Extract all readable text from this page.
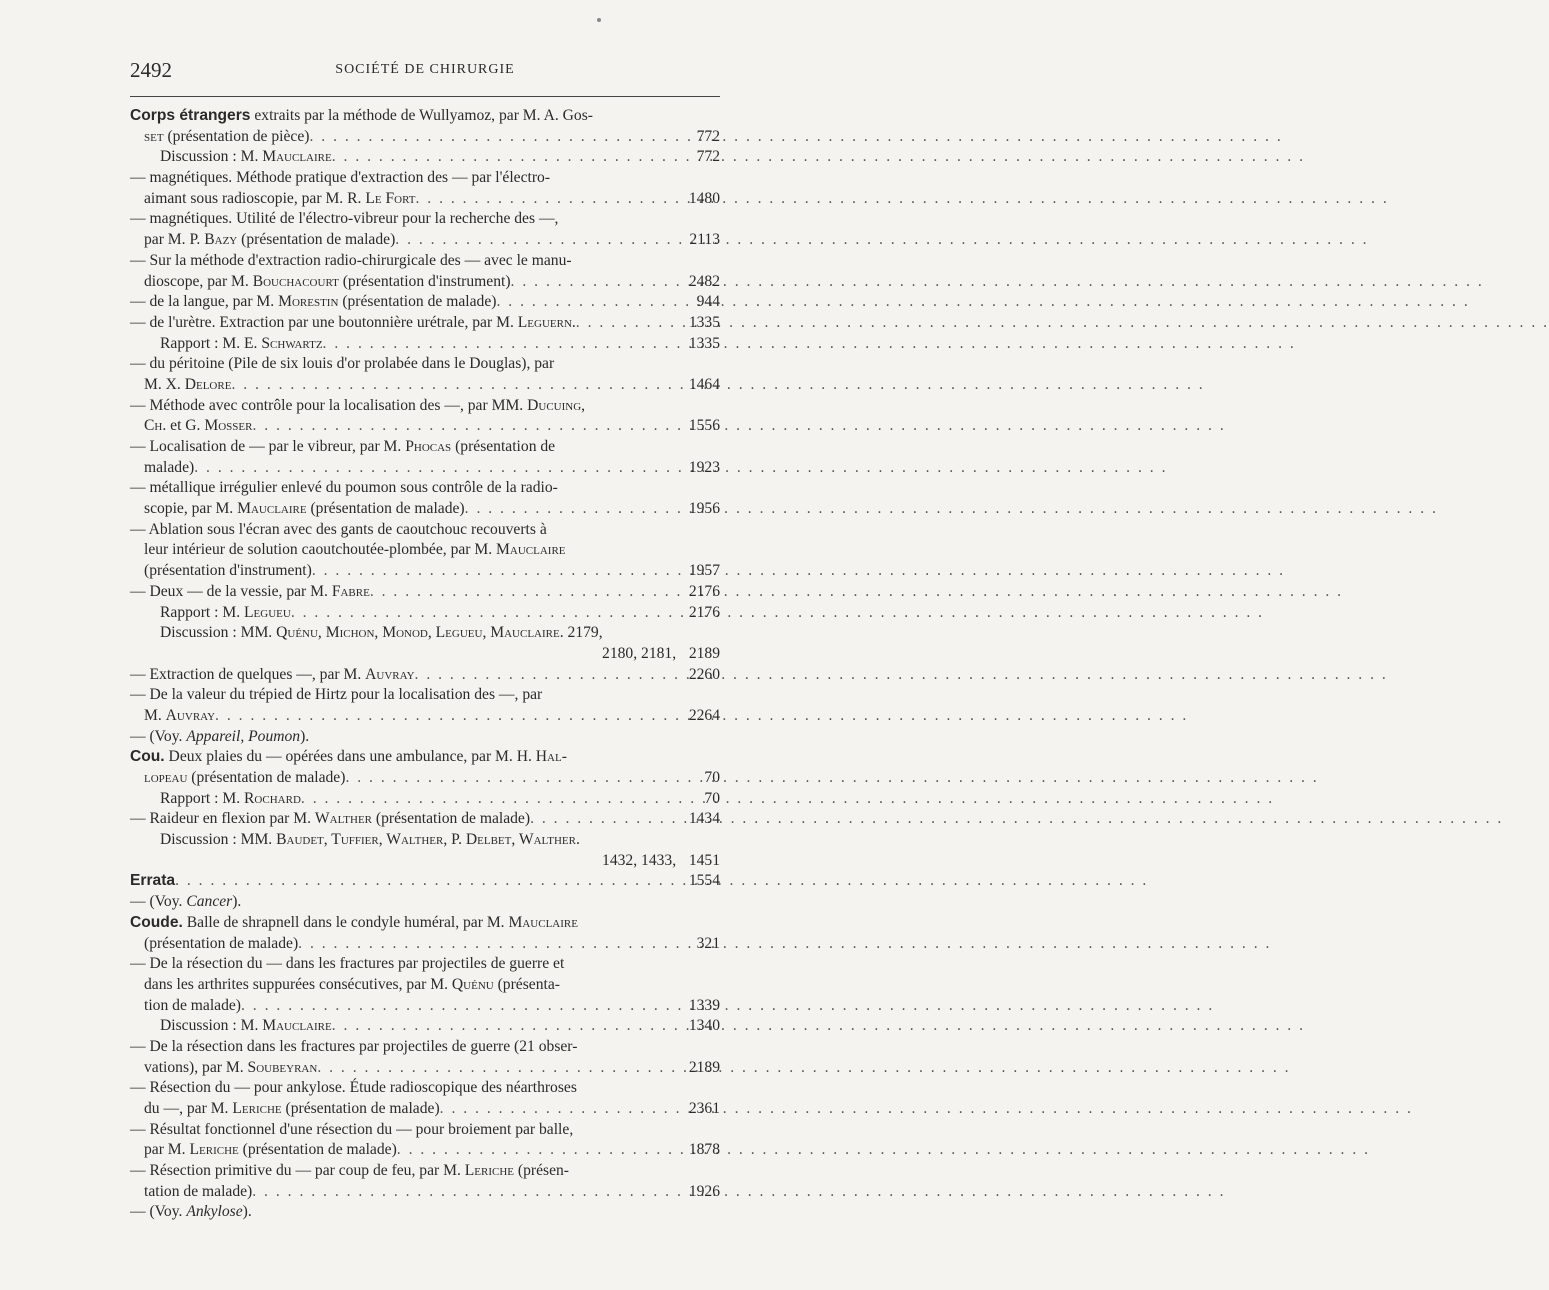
2492	SOCIÉTÉ DE CHIRURGIE
Corps étrangers extraits par la méthode de Wullyamoz, par M. A. Gos-
set (présentation de pièce) . . .	772
Discussion : M. Mauclaire . . .	772
— magnétiques. Méthode pratique d'extraction des — par l'électro-
aimant sous radioscopie, par M. R. Le Fort . . .	1480
— magnétiques. Utilité de l'électro-vibreur pour la recherche des —,
par M. P. Bazy (présentation de malade) . . .	2113
— Sur la méthode d'extraction radio-chirurgicale des — avec le manu-
dioscope, par M. Bouchacourt (présentation d'instrument) . . .	2482
— de la langue, par M. Morestin (présentation de malade) . . .	944
— de l'urètre. Extraction par une boutonnière urétrale, par M. Leguern. . . .	1335
Rapport : M. E. Schwartz . . .	1335
— du péritoine (Pile de six louis d'or prolabée dans le Douglas), par
M. X. Delore . . .	1464
— Méthode avec contrôle pour la localisation des —, par MM. Ducuing,
Ch. et G. Mosser . . .	1556
— Localisation de — par le vibreur, par M. Phocas (présentation de
malade) . . .	1923
— métallique irrégulier enlevé du poumon sous contrôle de la radio-
scopie, par M. Mauclaire (présentation de malade) . . .	1956
— Ablation sous l'écran avec des gants de caoutchouc recouverts à
leur intérieur de solution caoutchoutée-plombée, par M. Mauclaire
(présentation d'instrument) . . .	1957
— Deux — de la vessie, par M. Fabre . . .	2176
Rapport : M. Legueu . . .	2176
Discussion : MM. Quénu, Michon, Monod, Legueu, Mauclaire. 2179,
2180, 2181, 2189
— Extraction de quelques —, par M. Auvray . . .	2260
— De la valeur du trépied de Hirtz pour la localisation des —, par
M. Auvray . . .	2264
— (Voy. Appareil, Poumon).
Cou. Deux plaies du — opérées dans une ambulance, par M. H. Hal-
lopeau (présentation de malade) . . .	70
Rapport : M. Rochard . . .	70
— Raideur en flexion par M. Walther (présentation de malade) . . .	1434
Discussion : MM. Baudet, Tuffier, Walther, P. Delbet, Walther.
1432, 1433, 1451
Errata . . .	1554
— (Voy. Cancer).
Coude. Balle de shrapnell dans le condyle huméral, par M. Mauclaire
(présentation de malade) . . .	321
— De la résection du — dans les fractures par projectiles de guerre et
dans les arthrites suppurées consécutives, par M. Quénu (présenta-
tion de malade) . . .	1339
Discussion : M. Mauclaire . . .	1340
— De la résection dans les fractures par projectiles de guerre (21 obser-
vations), par M. Soubeyran . . .	2189
— Résection du — pour ankylose. Étude radioscopique des néarthroses
du —, par M. Leriche (présentation de malade) . . .	2361
— Résultat fonctionnel d'une résection du — pour broiement par balle,
par M. Leriche (présentation de malade) . . .	1878
— Résection primitive du — par coup de feu, par M. Leriche (présen-
tation de malade) . . .	1926
— (Voy. Ankylose).
